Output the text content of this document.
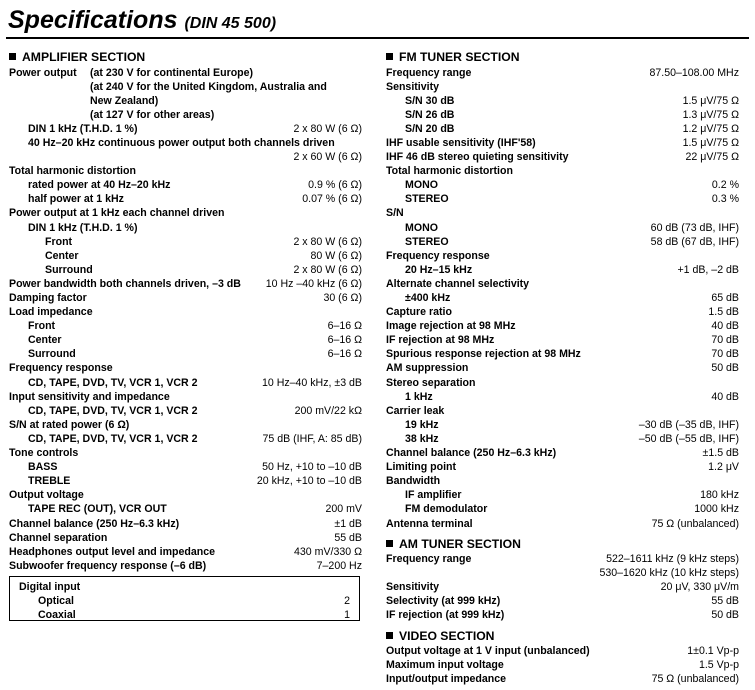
Specifications (DIN 45 500)
AMPLIFIER SECTION
Power output (at 230 V for continental Europe)
(at 240 V for the United Kingdom, Australia and
New Zealand)
(at 127 V for other areas)
DIN 1 kHz (T.H.D. 1 %)	2 x 80 W (6 Ω)
40 Hz–20 kHz continuous power output both channels driven
2 x 60 W (6 Ω)
Total harmonic distortion
rated power at 40 Hz–20 kHz	0.9 % (6 Ω)
half power at 1 kHz	0.07 % (6 Ω)
Power output at 1 kHz each channel driven
DIN 1 kHz (T.H.D. 1 %)
Front	2 x 80 W (6 Ω)
Center	80 W (6 Ω)
Surround	2 x 80 W (6 Ω)
Power bandwidth both channels driven, –3 dB 10 Hz –40 kHz (6 Ω)
Damping factor	30 (6 Ω)
Load impedance
Front	6–16 Ω
Center	6–16 Ω
Surround	6–16 Ω
Frequency response
CD, TAPE, DVD, TV, VCR 1, VCR 2	10 Hz–40 kHz, ±3 dB
Input sensitivity and impedance
CD, TAPE, DVD, TV, VCR 1, VCR 2	200 mV/22 kΩ
S/N at rated power (6 Ω)
CD, TAPE, DVD, TV, VCR 1, VCR 2	75 dB (IHF, A: 85 dB)
Tone controls
BASS	50 Hz, +10 to –10 dB
TREBLE	20 kHz, +10 to –10 dB
Output voltage
TAPE REC (OUT), VCR OUT	200 mV
Channel balance (250 Hz–6.3 kHz)	±1 dB
Channel separation	55 dB
Headphones output level and impedance	430 mV/330 Ω
Subwoofer frequency response (–6 dB)	7–200 Hz
Digital input
Optical	2
Coaxial	1
FM TUNER SECTION
Frequency range	87.50–108.00 MHz
Sensitivity
S/N 30 dB	1.5 μV/75 Ω
S/N 26 dB	1.3 μV/75 Ω
S/N 20 dB	1.2 μV/75 Ω
IHF usable sensitivity (IHF'58)	1.5 μV/75 Ω
IHF 46 dB stereo quieting sensitivity	22 μV/75 Ω
Total harmonic distortion
MONO	0.2 %
STEREO	0.3 %
S/N
MONO	60 dB (73 dB, IHF)
STEREO	58 dB (67 dB, IHF)
Frequency response
20 Hz–15 kHz	+1 dB, –2 dB
Alternate channel selectivity
±400 kHz	65 dB
Capture ratio	1.5 dB
Image rejection at 98 MHz	40 dB
IF rejection at 98 MHz	70 dB
Spurious response rejection at 98 MHz	70 dB
AM suppression	50 dB
Stereo separation
1 kHz	40 dB
Carrier leak
19 kHz	–30 dB (–35 dB, IHF)
38 kHz	–50 dB (–55 dB, IHF)
Channel balance (250 Hz–6.3 kHz)	±1.5 dB
Limiting point	1.2 μV
Bandwidth
IF amplifier	180 kHz
FM demodulator	1000 kHz
Antenna terminal	75 Ω (unbalanced)
AM TUNER SECTION
Frequency range	522–1611 kHz (9 kHz steps)
530–1620 kHz (10 kHz steps)
Sensitivity	20 μV, 330 μV/m
Selectivity (at 999 kHz)	55 dB
IF rejection (at 999 kHz)	50 dB
VIDEO SECTION
Output voltage at 1 V input (unbalanced)	1±0.1 Vp-p
Maximum input voltage	1.5 Vp-p
Input/output impedance	75 Ω (unbalanced)
